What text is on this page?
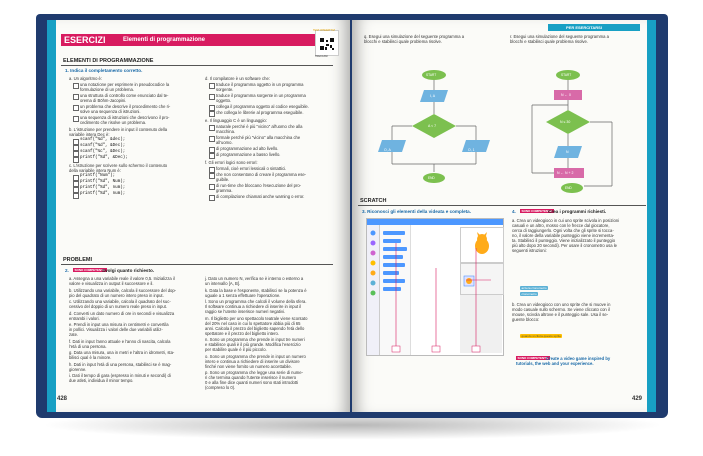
ESERCIZI	Elementi di programmazione
TEST INTERATTIVI
TRECCANI
ELEMENTI DI PROGRAMMAZIONE
1. Indica il completamento corretto.
PROBLEMI
2.	SONO COMPETENTE
Svolgi quanto richiesto.
428
a. Un algoritmo è:
una notazione per esprimere in pseudocodice la
formulazione di un problema.
una struttura di controllo come enunciato dal te-
orema di Böhm-Jacopini.
un problema che descrive il procedimento che ri-
solve una sequenza di istruzioni.
una sequenza di istruzioni che descrivono il pro-
cedimento che risolve un problema.
b. L'istruzione per prendere in input il contenuto della
variabile intera Dec è:
scanf("%d", &dec);
scanf("%d", &Dec);
scanf("%c", &Dec);
printf("%d", &Dec);
c. L'istruzione per scrivere sullo schermo il contenuto
della variabile intera Num è:
printf("Num");
printf("%d", Num);
printf("%d", num);
printf("%d", num);
d. Il compilatore è un software che:
traduce il programma oggetto in un programma
sorgente.
traduce il programma sorgente in un programma
oggetto.
collega il programma oggetto al codice eseguibile.
che collega le librerie al programma eseguibile.
e. Il linguaggio C è un linguaggio:
naturale perché è più "vicino" all'uomo che alla
macchina.
formale perché più "vicino" alla macchina che
all'uomo.
di programmazione ad alto livello.
di programmazione a basso livello.
f. Gli errori logici sono errori:
formali, cioè errori lessicali o sintattici.
che non consentono di creare il programma ese-
guibile.
di run-time che bloccano l'esecuzione del pro-
gramma.
di compilazione chiamati anche warning o error.
a. Assegna a una variabile reale il valore 0,5. Inizializza il
valore e visualizza in output il successore e il.
b. Utilizzando una variabile, calcola il successore del dop-
pio del quadrato di un numero intero preso in input.
c. Utilizzando una variabile, calcola il quadrato del suc-
cessivo del doppio di un numero reale preso in input.
d. Converti un dato numero di ore in secondi e visualizza
entrambi i valori.
e. Prendi in input una misura in centimetri e convertila
in pollici. Visualizza i valori delle due variabili utiliz-
zate.
f. Dati in input l'anno attuale e l'anno di nascita, calcola
l'età di una persona.
g. Data una misura, una in metri e l'altra in idrometri, sta-
bilisci qual è la minore.
h. Dati in input l'età di una persona, stabilisci se è mag-
giorenne.
i. Dati il tempo di gara (espresso in minuti e secondi) di
due atleti, individua il minor tempo.
j. Dato un numero N, verifica se è interno o esterno a
un intervallo [A, B].
k. Data la base e l'esponente, stabilisci se la potenza è
uguale a 1 senza effettuare l'operazione.
l. Sono un programma che calcoli il volume della sfera.
Il software continua a richiedere di inserire in input il
raggio se l'utente inserisce numeri negativi.
m. Il biglietto per uno spettacolo teatrale viene scontato
del 20% nel caso in cui lo spettatore abbia più di 65
anni. Calcola il prezzo del biglietto sapendo l'età dello
spettatore e il prezzo del biglietto intero.
n. Sono un programma che prende in input tre numeri
e stabilisce quali è il più grande. Modifica l'esercizio
per stabilire quale è il più piccolo.
o. Sono un programma che prende in input un numero
intero e continua a richiedere di inserire un divisore
finché non viene fornito un numero accettabile.
p. Sono un programma che legge una serie di nume-
ri che termina quando l'utente inserisce il numero
0 e alla fine dice quanti numeri sono stati introdotti
(compreso lo 0).
PER ESERCITARSI
START
I, A
A < 7
O, A	O, 1
END
START
N ← 0
N ≤ 30
N
N ← N + 2
END
SCRATCH
3. Riconosci gli elementi della videata e completa.	4.	SONO COMPETENTE
Crea i programmi richiesti.
azzera cronometro
cronometro
quando si clicca questo sprite
SONO COMPETENTE
429
q. Esegui una simulazione del seguente programma a
blocchi e stabilisci quale problema risolve.
r. Esegui una simulazione del seguente programma a
blocchi e stabilisci quale problema risolve.
a. Crea un videogioco in cui uno sprite scivola in posizioni
casuali e un altro, mosso con le frecce dal giocatore,
cerca di raggiungerlo. Ogni volta che gli sprite si tocca-
no, il valore della variabile punteggio viene incrementa-
ta. Stabilisci il punteggio. Viene inizializzato il punteggio
più alto dopo 20 secondi). Per usare il cronometro usa le
seguenti istruzioni:
b. Crea un videogioco con uno sprite che si muove in
modo casuale sullo schermo. Se viene cliccato con il
mouse, scivola altrove e il punteggio sale. Usa il se-
guente blocco:
Create a video game inspired by
tutorials, the web and your experience.
